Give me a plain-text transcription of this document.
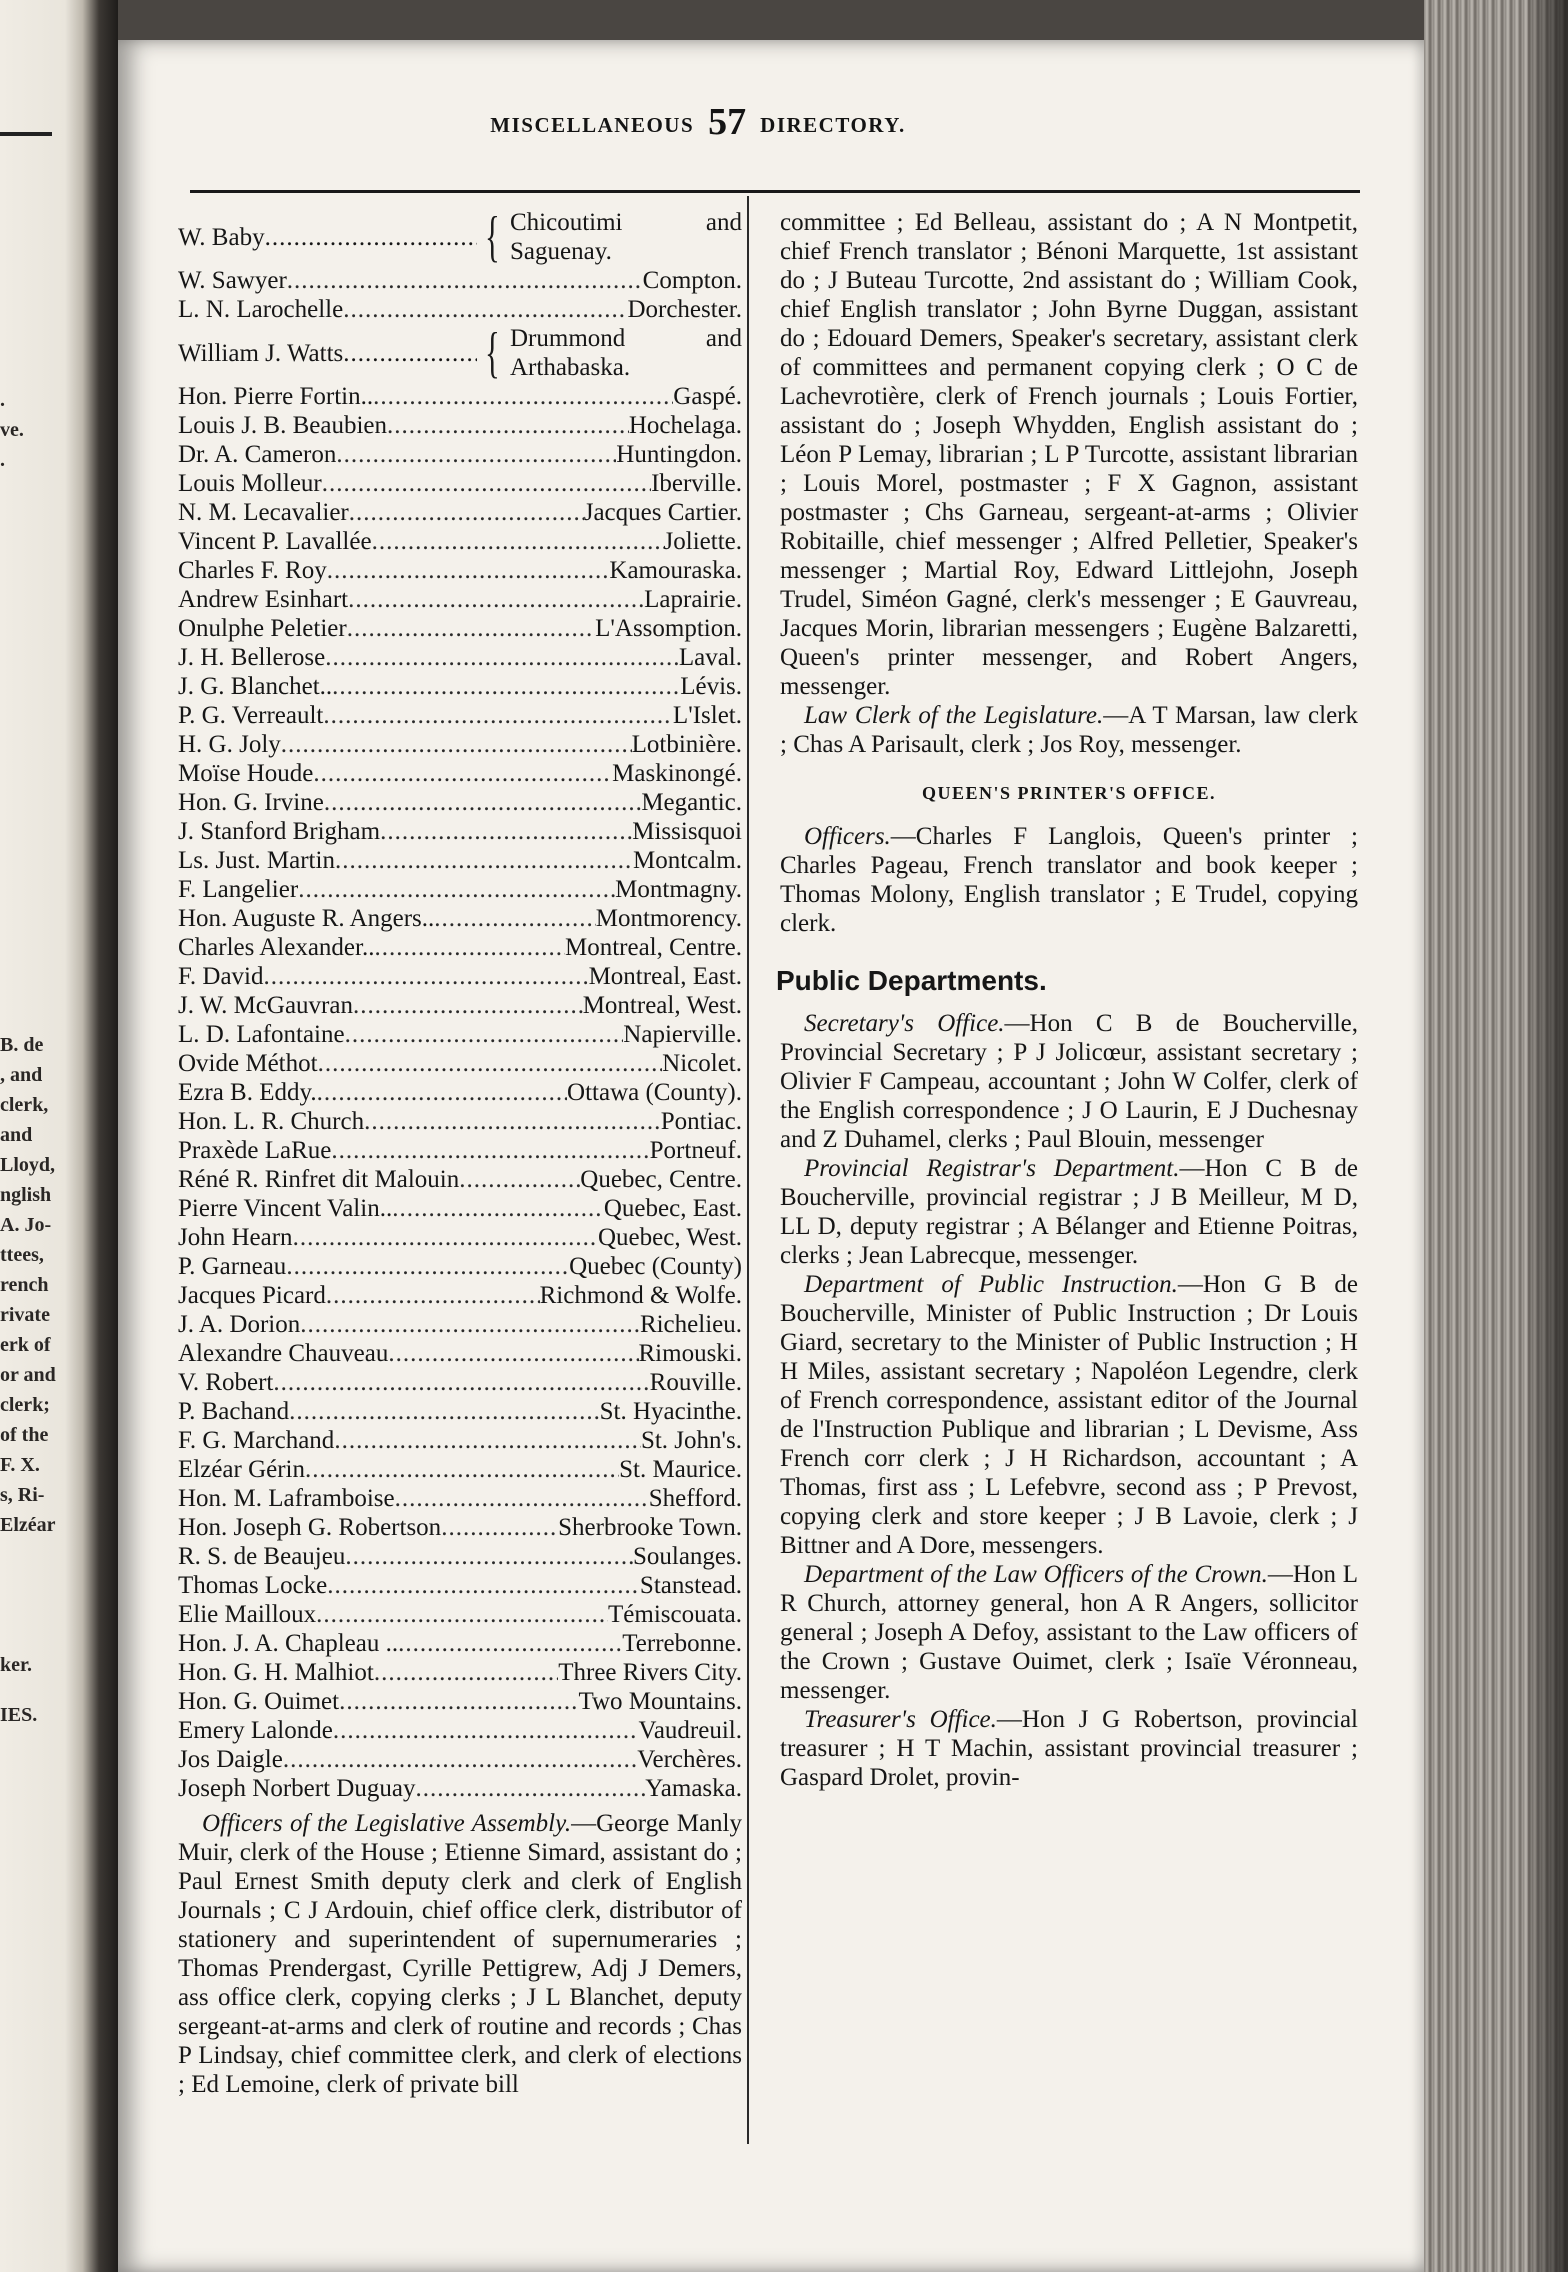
.
ve.
.
B. de
, and
clerk,
and
Lloyd,
nglish
A. Jo-
ttees,
rench
rivate
erk of
or and
clerk;
of the
F. X.
s, Ri-
Elzéar
ker.
IES.
MISCELLANEOUS 57 DIRECTORY.
W. Baby .....	{ Chicoutimi and Saguenay.
W. Sawyer .....	Compton.
L. N. Larochelle .....	Dorchester.
William J. Watts .....	{ Drummond and Arthabaska.
Hon. Pierre Fortin.. .....	Gaspé.
Louis J. B. Beaubien .....	Hochelaga.
Dr. A. Cameron .....	Huntingdon.
Louis Molleur .....	Iberville.
N. M. Lecavalier .....	Jacques Cartier.
Vincent P. Lavallée .....	Joliette.
Charles F. Roy .....	Kamouraska.
Andrew Esinhart .....	Laprairie.
Onulphe Peletier .....	L'Assomption.
J. H. Bellerose .....	Laval.
J. G. Blanchet.. .....	Lévis.
P. G. Verreault .....	L'Islet.
H. G. Joly .....	Lotbinière.
Moïse Houde .....	Maskinongé.
Hon. G. Irvine .....	Megantic.
J. Stanford Brigham .....	Missisquoi
Ls. Just. Martin .....	Montcalm.
F. Langelier .....	Montmagny.
Hon. Auguste R. Angers.. .....	Montmorency.
Charles Alexander.. .....	Montreal, Centre.
F. David .....	Montreal, East.
J. W. McGauvran .....	Montreal, West.
L. D. Lafontaine .....	Napierville.
Ovide Méthot .....	Nicolet.
Ezra B. Eddy. .....	Ottawa (County).
Hon. L. R. Church .....	Pontiac.
Praxède LaRue .....	Portneuf.
Réné R. Rinfret dit Malouin .....	Quebec, Centre.
Pierre Vincent Valin.. .....	Quebec, East.
John Hearn .....	Quebec, West.
P. Garneau .....	Quebec (County)
Jacques Picard .....	Richmond & Wolfe.
J. A. Dorion .....	Richelieu.
Alexandre Chauveau .....	Rimouski.
V. Robert .....	Rouville.
P. Bachand .....	St. Hyacinthe.
F. G. Marchand .....	St. John's.
Elzéar Gérin .....	St. Maurice.
Hon. M. Laframboise .....	Shefford.
Hon. Joseph G. Robertson .....	Sherbrooke Town.
R. S. de Beaujeu .....	Soulanges.
Thomas Locke .....	Stanstead.
Elie Mailloux .....	Témiscouata.
Hon. J. A. Chapleau .. .....	Terrebonne.
Hon. G. H. Malhiot .....	Three Rivers City.
Hon. G. Ouimet .....	Two Mountains.
Emery Lalonde .....	Vaudreuil.
Jos Daigle .....	Verchères.
Joseph Norbert Duguay .....	Yamaska.

Officers of the Legislative Assembly.—George Manly Muir, clerk of the House ; Etienne Simard, assistant do ; Paul Ernest Smith deputy clerk and clerk of English Journals ; C J Ardouin, chief office clerk, distributor of stationery and superintendent of supernumeraries ; Thomas Prendergast, Cyrille Pettigrew, Adj J Demers, ass office clerk, copying clerks ; J L Blanchet, deputy sergeant-at-arms and clerk of routine and records ; Chas P Lindsay, chief committee clerk, and clerk of elections ; Ed Lemoine, clerk of private bill

committee ; Ed Belleau, assistant do ; A N Montpetit, chief French translator ; Bénoni Marquette, 1st assistant do ; J Buteau Turcotte, 2nd assistant do ; William Cook, chief English translator ; John Byrne Duggan, assistant do ; Edouard Demers, Speaker's secretary, assistant clerk of committees and permanent copying clerk ; O C de Lachevrotière, clerk of French journals ; Louis Fortier, assistant do ; Joseph Whydden, English assistant do ; Léon P Lemay, librarian ; L P Turcotte, assistant librarian ; Louis Morel, postmaster ; F X Gagnon, assistant postmaster ; Chs Garneau, sergeant-at-arms ; Olivier Robitaille, chief messenger ; Alfred Pelletier, Speaker's messenger ; Martial Roy, Edward Littlejohn, Joseph Trudel, Siméon Gagné, clerk's messenger ; E Gauvreau, Jacques Morin, librarian messengers ; Eugène Balzaretti, Queen's printer messenger, and Robert Angers, messenger.

Law Clerk of the Legislature.—A T Marsan, law clerk ; Chas A Parisault, clerk ; Jos Roy, messenger.

QUEEN'S PRINTER'S OFFICE.

Officers.—Charles F Langlois, Queen's printer ; Charles Pageau, French translator and book keeper ; Thomas Molony, English translator ; E Trudel, copying clerk.

Public Departments.

Secretary's Office.—Hon C B de Boucherville, Provincial Secretary ; P J Jolicœur, assistant secretary ; Olivier F Campeau, accountant ; John W Colfer, clerk of the English correspondence ; J O Laurin, E J Duchesnay and Z Duhamel, clerks ; Paul Blouin, messenger

Provincial Registrar's Department.—Hon C B de Boucherville, provincial registrar ; J B Meilleur, M D, LL D, deputy registrar ; A Bélanger and Etienne Poitras, clerks ; Jean Labrecque, messenger.

Department of Public Instruction.—Hon G B de Boucherville, Minister of Public Instruction ; Dr Louis Giard, secretary to the Minister of Public Instruction ; H H Miles, assistant secretary ; Napoléon Legendre, clerk of French correspondence, assistant editor of the Journal de l'Instruction Publique and librarian ; L Devisme, Ass French corr clerk ; J H Richardson, accountant ; A Thomas, first ass ; L Lefebvre, second ass ; P Prevost, copying clerk and store keeper ; J B Lavoie, clerk ; J Bittner and A Dore, messengers.

Department of the Law Officers of the Crown.—Hon L R Church, attorney general, hon A R Angers, sollicitor general ; Joseph A Defoy, assistant to the Law officers of the Crown ; Gustave Ouimet, clerk ; Isaïe Véronneau, messenger.

Treasurer's Office.—Hon J G Robertson, provincial treasurer ; H T Machin, assistant provincial treasurer ; Gaspard Drolet, provin-
